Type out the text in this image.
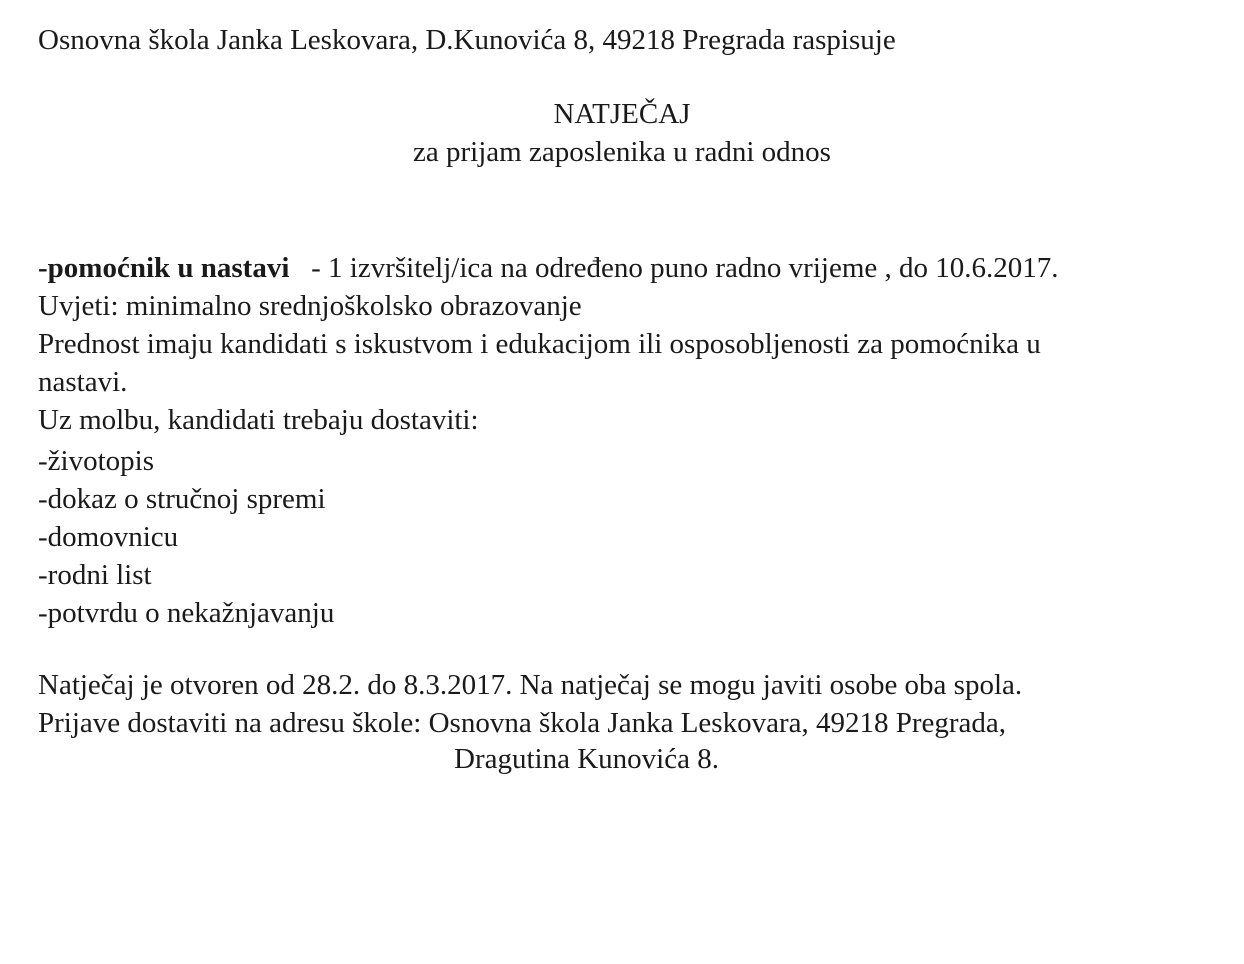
Osnovna škola Janka Leskovara, D.Kunovića 8, 49218 Pregrada raspisuje
NATJEČAJ
za prijam zaposlenika u radni odnos
-pomoćnik u nastavi - 1 izvršitelj/ica na određeno puno radno vrijeme , do 10.6.2017.
Uvjeti: minimalno srednjoškolsko obrazovanje
Prednost imaju kandidati s iskustvom i edukacijom ili osposobljenosti za pomoćnika u
nastavi.
Uz molbu, kandidati trebaju dostaviti:
-životopis
-dokaz o stručnoj spremi
-domovnicu
-rodni list
-potvrdu o nekažnjavanju
Natječaj je otvoren od 28.2. do 8.3.2017. Na natječaj se mogu javiti osobe oba spola.
Prijave dostaviti na adresu škole: Osnovna škola Janka Leskovara, 49218 Pregrada,
Dragutina Kunovića 8.
